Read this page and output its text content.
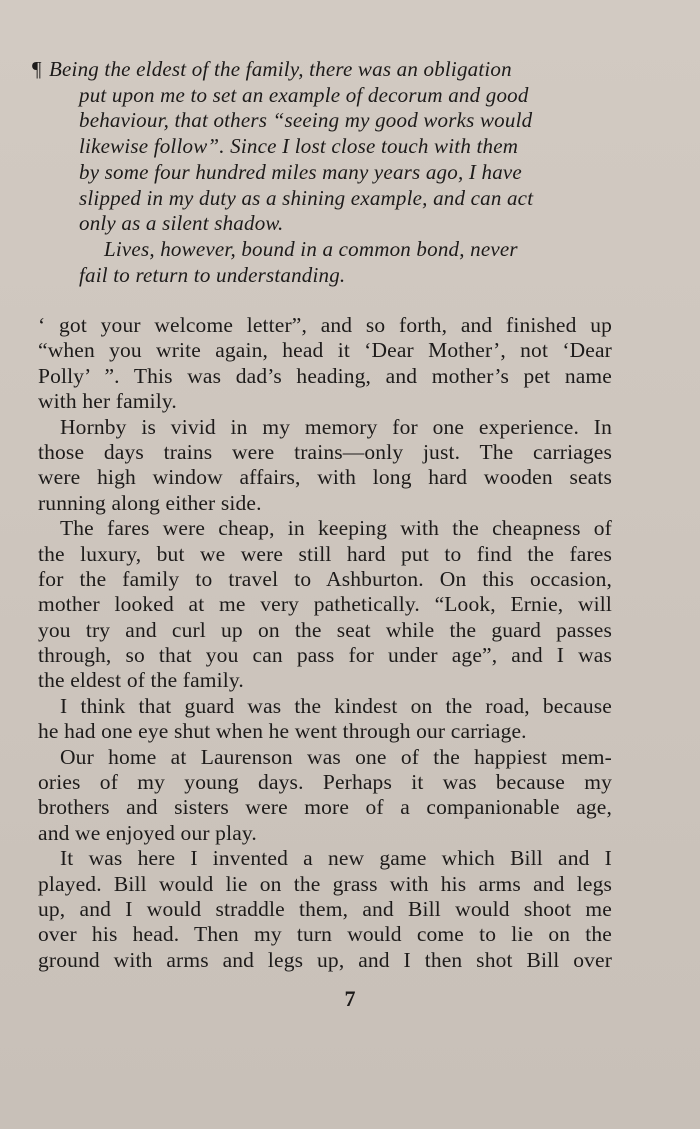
¶ Being the eldest of the family, there was an obligation
put upon me to set an example of decorum and good
behaviour, that others “seeing my good works would
likewise follow”. Since I lost close touch with them
by some four hundred miles many years ago, I have
slipped in my duty as a shining example, and can act
only as a silent shadow.
Lives, however, bound in a common bond, never
fail to return to understanding.
‘ got your welcome letter”, and so forth, and finished up
“when you write again, head it ‘Dear Mother’, not ‘Dear
Polly’ ”. This was dad’s heading, and mother’s pet name
with her family.
Hornby is vivid in my memory for one experience. In
those days trains were trains—only just. The carriages
were high window affairs, with long hard wooden seats
running along either side.
The fares were cheap, in keeping with the cheapness of
the luxury, but we were still hard put to find the fares
for the family to travel to Ashburton. On this occasion,
mother looked at me very pathetically. “Look, Ernie, will
you try and curl up on the seat while the guard passes
through, so that you can pass for under age”, and I was
the eldest of the family.
I think that guard was the kindest on the road, because
he had one eye shut when he went through our carriage.
Our home at Laurenson was one of the happiest mem-
ories of my young days. Perhaps it was because my
brothers and sisters were more of a companionable age,
and we enjoyed our play.
It was here I invented a new game which Bill and I
played. Bill would lie on the grass with his arms and legs
up, and I would straddle them, and Bill would shoot me
over his head. Then my turn would come to lie on the
ground with arms and legs up, and I then shot Bill over
7
